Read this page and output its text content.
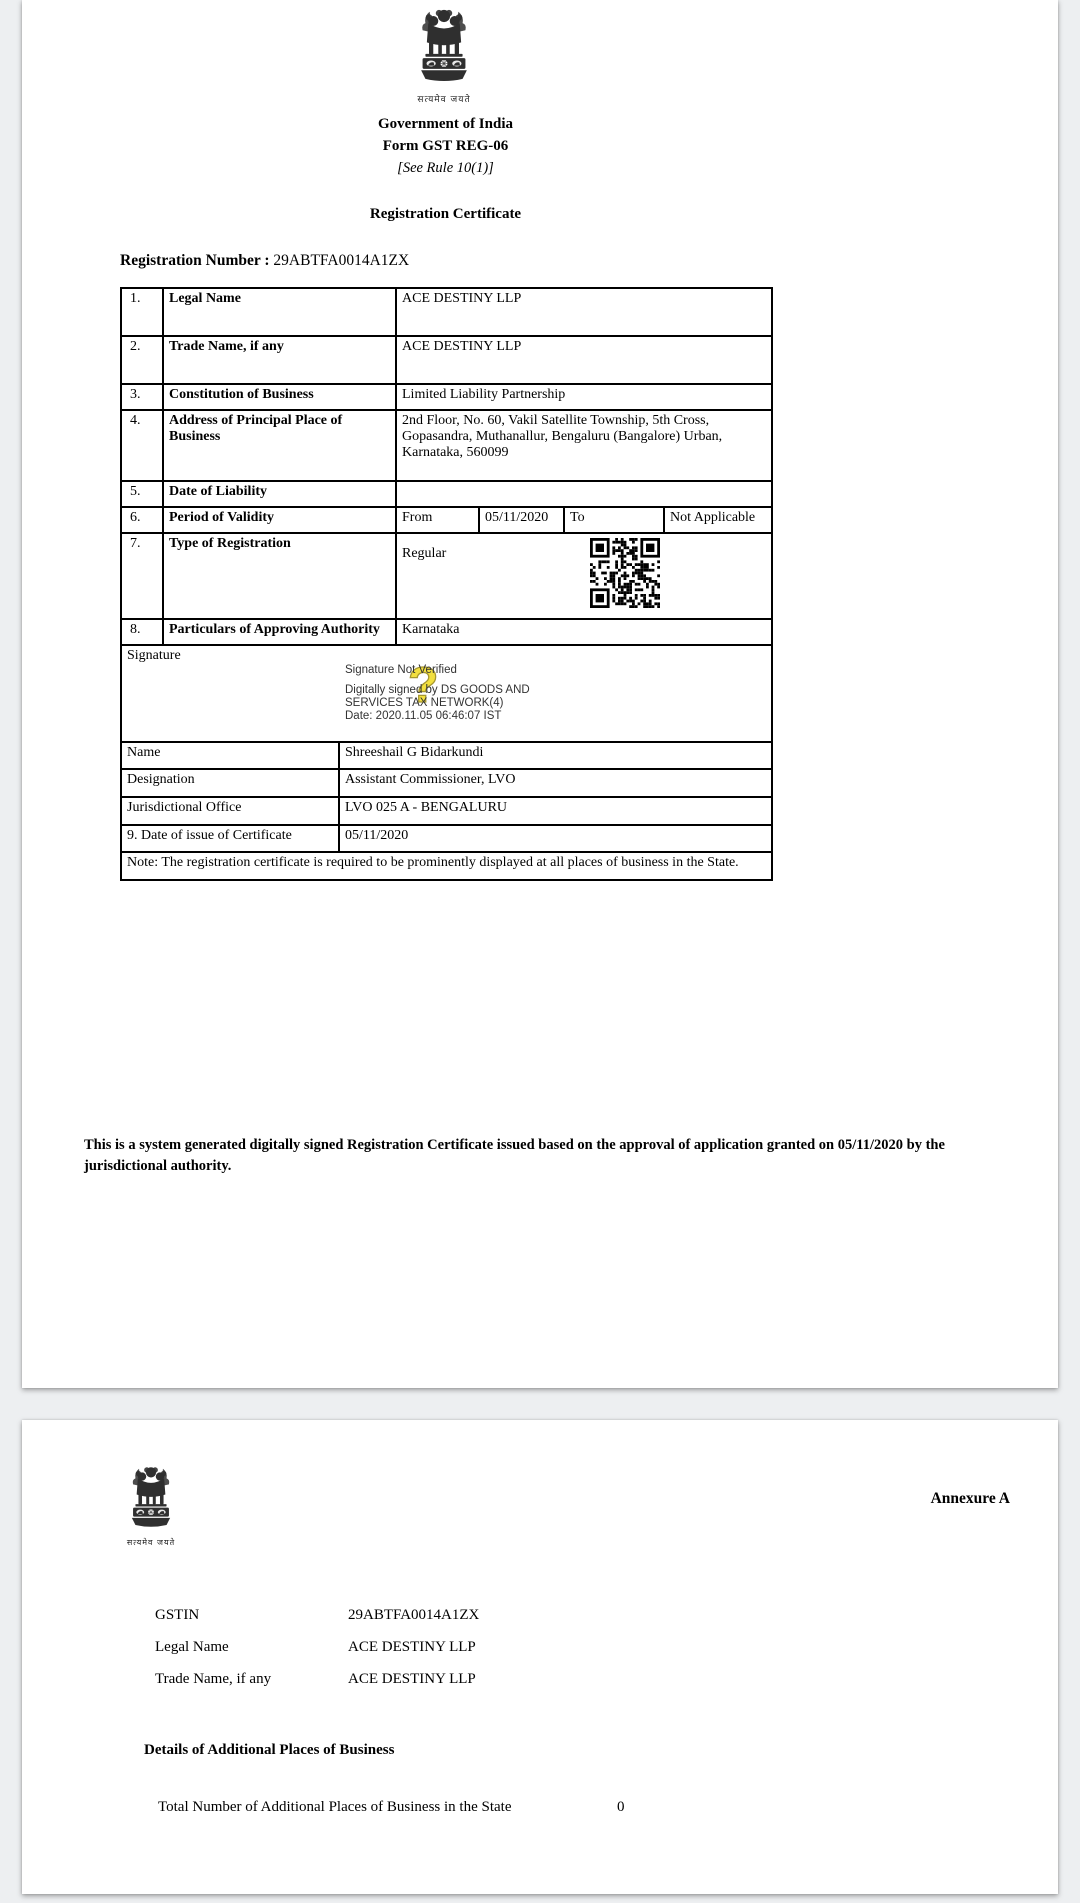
सत्यमेव जयते
Government of India
Form GST REG-06
[See Rule 10(1)]
Registration Certificate
Registration Number : 29ABTFA0014A1ZX
1.	Legal Name	ACE DESTINY LLP			
2.	Trade Name, if any	ACE DESTINY LLP			
3.	Constitution of Business	Limited Liability Partnership			
4.	Address of Principal Place of Business	2nd Floor, No. 60, Vakil Satellite Township, 5th Cross, Gopasandra, Muthanallur, Bengaluru (Bangalore) Urban, Karnataka, 560099			
5.	Date of Liability				
6.	Period of Validity	From	05/11/2020	To	Not Applicable
7.	Type of Registration	Regular			

8.	Particulars of Approving Authority	Karnataka			
Signature
?
Signature Not Verified
Digitally signed by DS GOODS AND
SERVICES TAX NETWORK(4)
Date: 2020.11.05 06:46:07 IST
Name	Shreeshail G Bidarkundi
Designation	Assistant Commissioner, LVO
Jurisdictional Office	LVO 025 A - BENGALURU
9. Date of issue of Certificate	05/11/2020
Note: The registration certificate is required to be prominently displayed at all places of business in the State.	
This is a system generated digitally signed Registration Certificate issued based on the approval of application granted on 05/11/2020 by the jurisdictional authority.
सत्यमेव जयते
Annexure A
GSTIN	29ABTFA0014A1ZX
Legal Name	ACE DESTINY LLP
Trade Name, if any	ACE DESTINY LLP
Details of Additional Places of Business
Total Number of Additional Places of Business in the State	0
